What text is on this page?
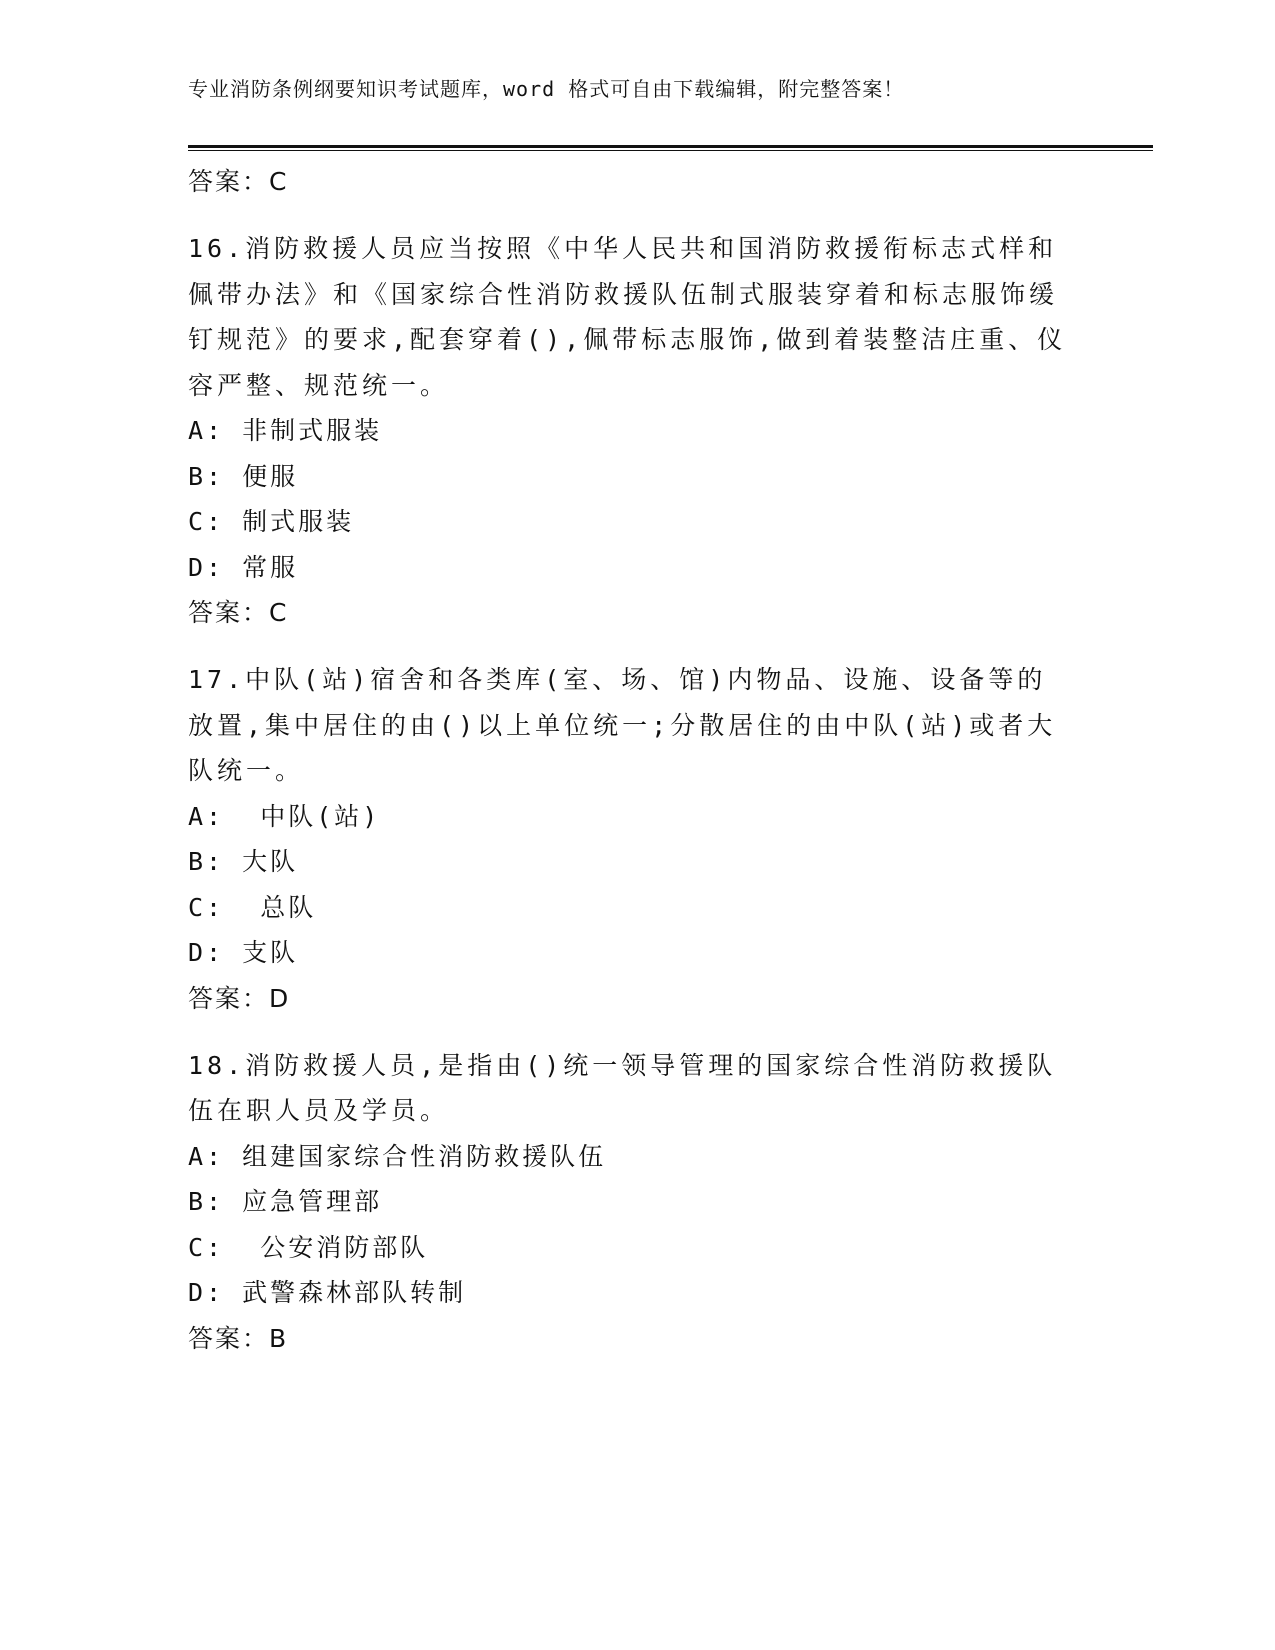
专业消防条例纲要知识考试题库，word 格式可自由下载编辑，附完整答案！
答案：C
16.消防救援人员应当按照《中华人民共和国消防救援衔标志式样和佩带办法》和《国家综合性消防救援队伍制式服装穿着和标志服饰缓钉规范》的要求,配套穿着(),佩带标志服饰,做到着装整洁庄重、仪容严整、规范统一。
A: 非制式服装
B: 便服
C: 制式服装
D: 常服
答案：C
17.中队(站)宿舍和各类库(室、场、馆)内物品、设施、设备等的放置,集中居住的由()以上单位统一;分散居住的由中队(站)或者大队统一。
A:  中队(站)
B: 大队
C:  总队
D: 支队
答案：D
18.消防救援人员,是指由()统一领导管理的国家综合性消防救援队伍在职人员及学员。
A: 组建国家综合性消防救援队伍
B: 应急管理部
C:  公安消防部队
D: 武警森林部队转制
答案：B
